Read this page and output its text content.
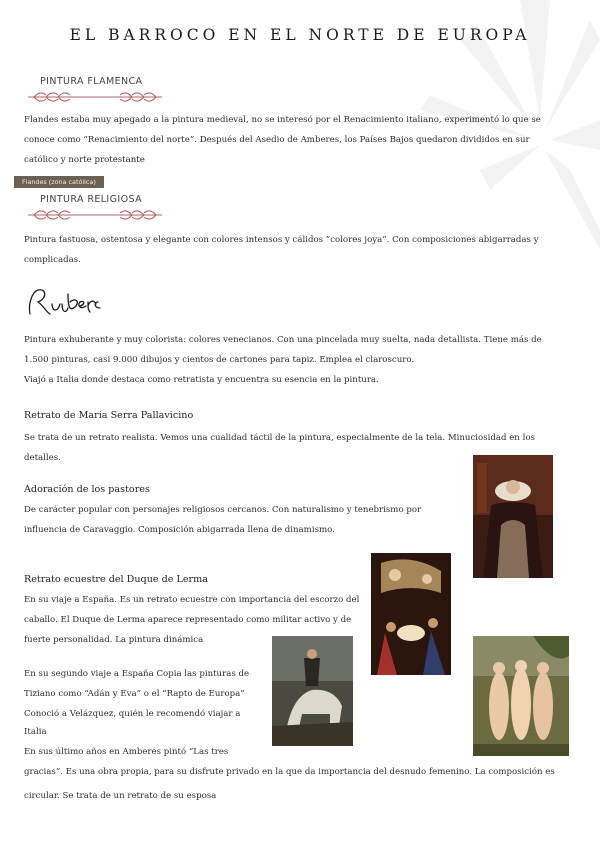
EL BARROCO EN EL NORTE DE EUROPA
PINTURA FLAMENCA

Flandes estaba muy apegado a la pintura medieval, no se interesó por el Renacimiento italiano, experimentó lo que se conoce como “Renacimiento del norte”. Después del Asedio de Amberes, los Países Bajos quedaron divididos en sur católico y norte protestante

Flandes (zona católica)
PINTURA RELIGIOSA

Pintura fastuosa, ostentosa y elegante con colores intensos y cálidos “colores joya”. Con composiciones abigarradas y complicadas.

Pintura exhuberante y muy colorista: colores venecianos. Con una pincelada muy suelta, nada detallista. Tiene más de 1.500 pinturas, casi 9.000 dibujos y cientos de cartones para tapiz. Emplea el claroscuro.

Viajó a Italia donde destaca como retratista y encuentra su esencia en la pintura.

Retrato de María Serra Pallavicino

Se trata de un retrato realista. Vemos una cualidad táctil de la pintura, especialmente de la tela. Minuciosidad en los detalles.

Adoración de los pastores

De carácter popular con personajes religiosos cercanos. Con naturalismo y tenebrismo por influencia de Caravaggio. Composición abigarrada llena de dinamismo.

Retrato ecuestre del Duque de Lerma

En su viaje a España. Es un retrato ecuestre con importancia del escorzo del caballo. El Duque de Lerma aparece representado como militar activo y de fuerte personalidad. La pintura dinámica

En su segundo viaje a España Copia las pinturas de

Tiziano como “Adán y Eva” o el “Rapto de Europa”

Conoció a Velázquez, quién le recomendó viajar a

Italia

En sus último años en Amberes pintó “Las tres

gracias”. Es una obra propia, para su disfrute privado en la que da importancia del desnudo femenino. La composición es

circular. Se trata de un retrato de su esposa
